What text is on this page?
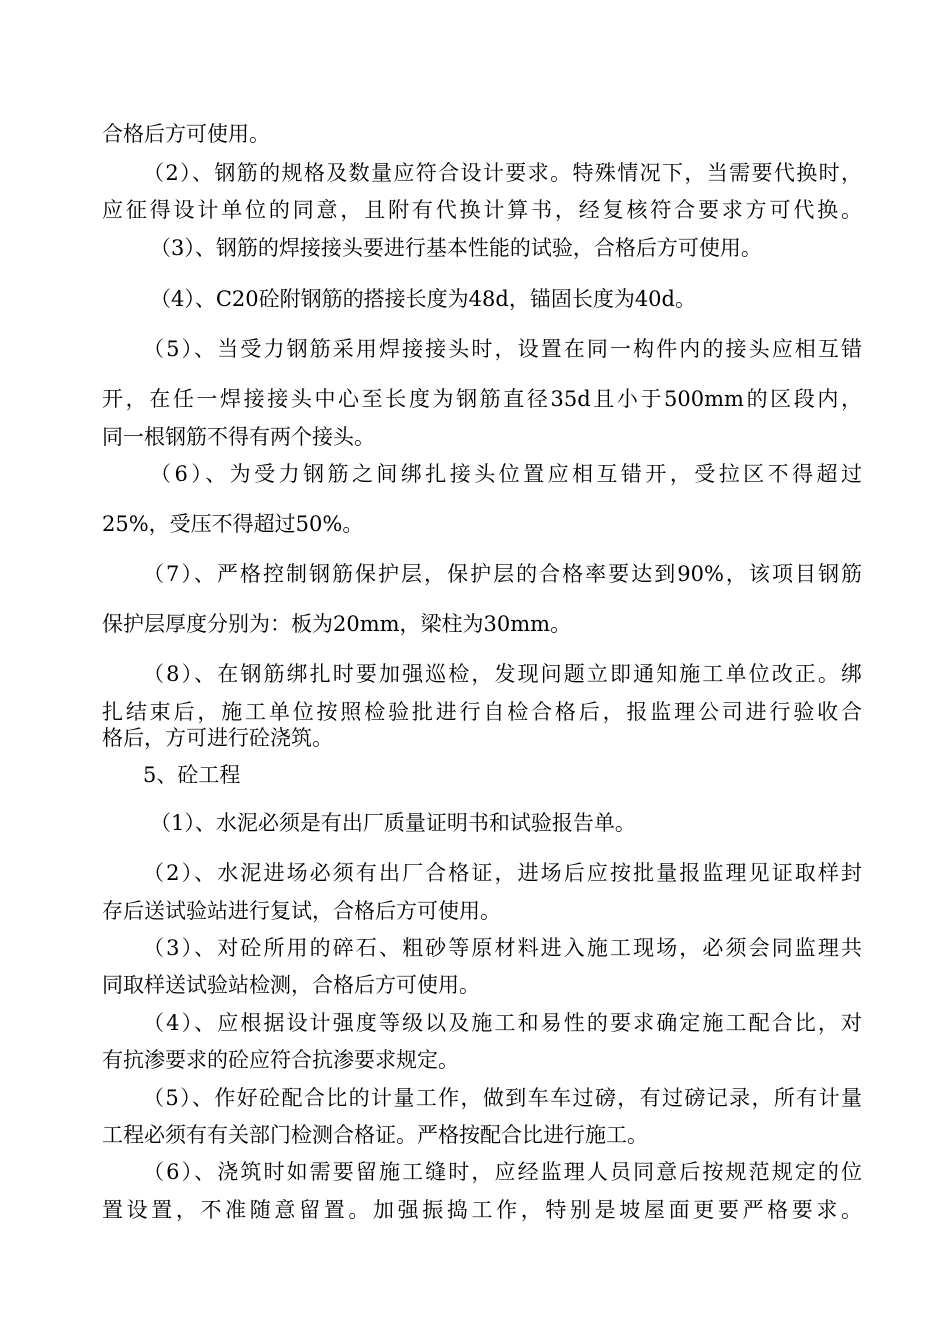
合格后方可使用。
（2）、钢筋的规格及数量应符合设计要求。特殊情况下，当需要代换时，
应征得设计单位的同意，且附有代换计算书，经复核符合要求方可代换。
（3）、钢筋的焊接接头要进行基本性能的试验，合格后方可使用。
（4）、C20砼附钢筋的搭接长度为48d，锚固长度为40d。
（5）、当受力钢筋采用焊接接头时，设置在同一构件内的接头应相互错
开，在任一焊接接头中心至长度为钢筋直径35d且小于500mm的区段内，
同一根钢筋不得有两个接头。
（6）、为受力钢筋之间绑扎接头位置应相互错开，受拉区不得超过
25%，受压不得超过50%。
（7）、严格控制钢筋保护层，保护层的合格率要达到90%，该项目钢筋
保护层厚度分别为：板为20mm，梁柱为30mm。
（8）、在钢筋绑扎时要加强巡检，发现问题立即通知施工单位改正。绑
扎结束后，施工单位按照检验批进行自检合格后，报监理公司进行验收合
格后，方可进行砼浇筑。
5、砼工程
（1）、水泥必须是有出厂质量证明书和试验报告单。
（2）、水泥进场必须有出厂合格证，进场后应按批量报监理见证取样封
存后送试验站进行复试，合格后方可使用。
（3）、对砼所用的碎石、粗砂等原材料进入施工现场，必须会同监理共
同取样送试验站检测，合格后方可使用。
（4）、应根据设计强度等级以及施工和易性的要求确定施工配合比，对
有抗渗要求的砼应符合抗渗要求规定。
（5）、作好砼配合比的计量工作，做到车车过磅，有过磅记录，所有计量
工程必须有有关部门检测合格证。严格按配合比进行施工。
（6）、浇筑时如需要留施工缝时，应经监理人员同意后按规范规定的位
置设置，不准随意留置。加强振捣工作，特别是坡屋面更要严格要求。
